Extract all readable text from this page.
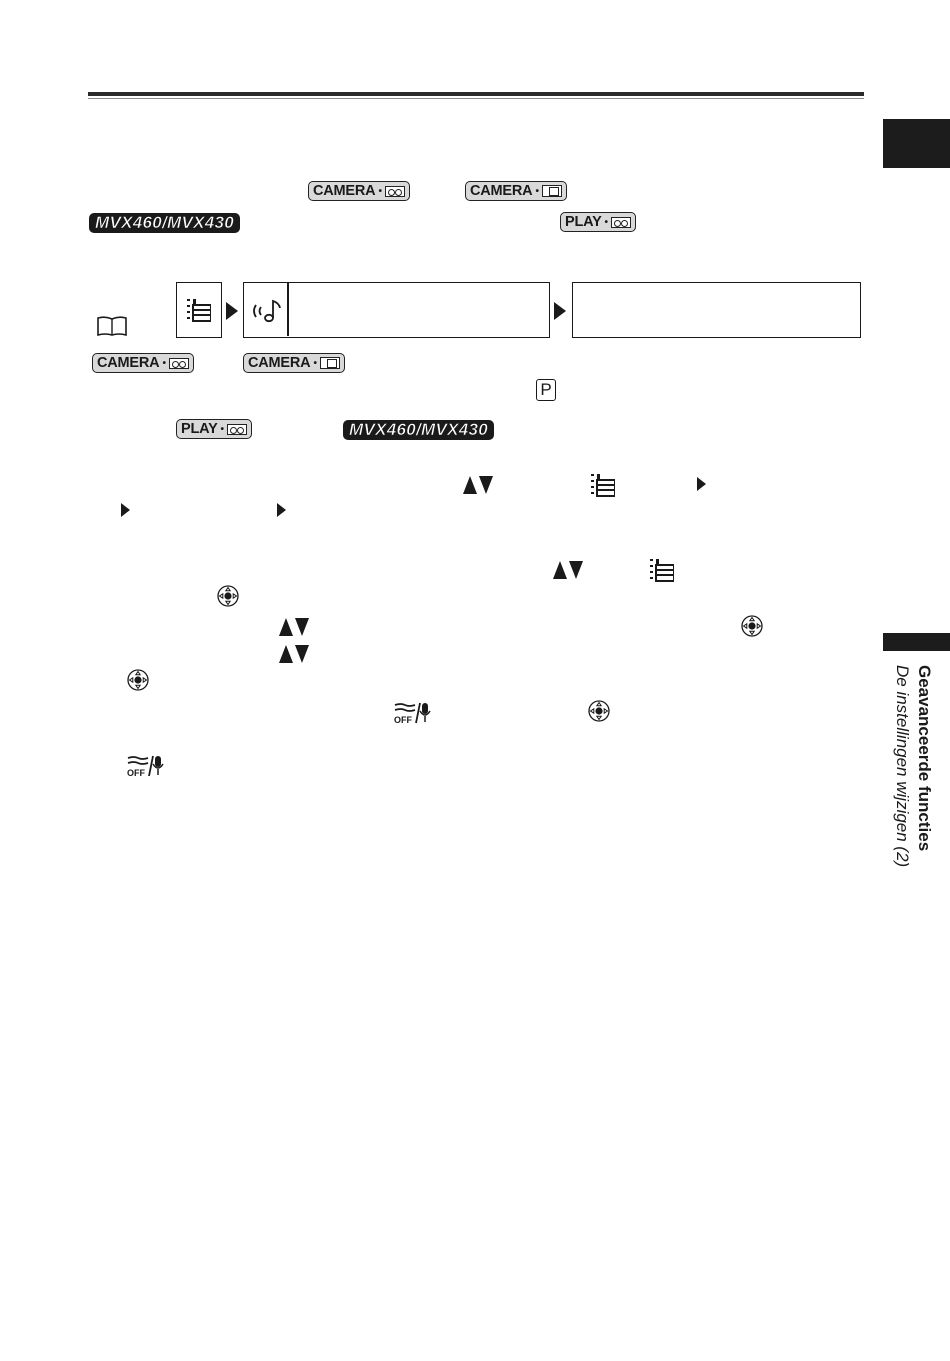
Geavanceerde functies
De instellingen wijzigen (2)
CAMERA •	CAMERA •
MVX460/MVX430	PLAY •
CAMERA •	CAMERA •
P
PLAY •	MVX460/MVX430
OFF
OFF
